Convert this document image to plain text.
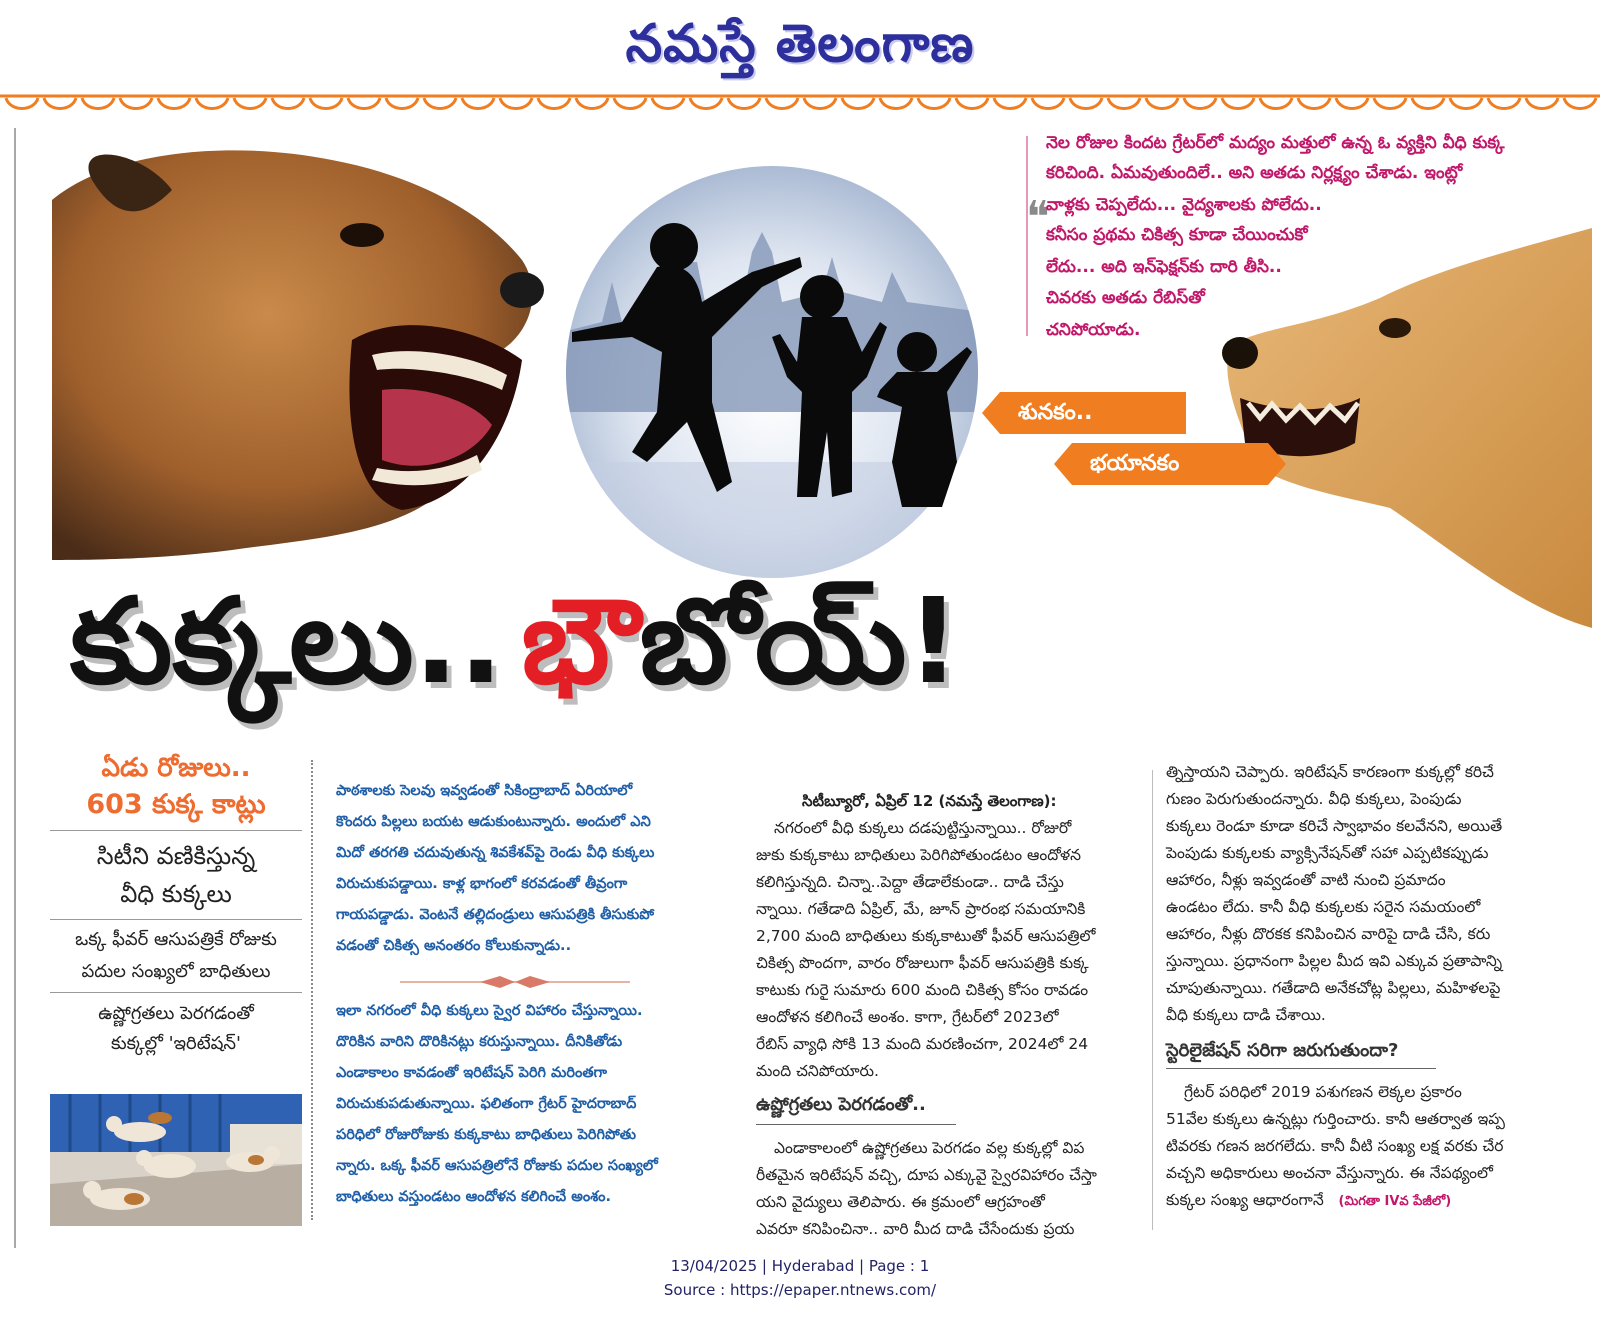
నమస్తే తెలంగాణ
❝
నెల రోజుల కిందట గ్రేటర్‌లో మద్యం మత్తులో ఉన్న ఓ వ్యక్తిని వీధి కుక్క
కరిచింది. ఏమవుతుందిలే.. అని అతడు నిర్లక్ష్యం చేశాడు. ఇంట్లో
వాళ్లకు చెప్పలేదు... వైద్యశాలకు పోలేదు..
కనీసం ప్రథమ చికిత్స కూడా చేయించుకో
లేదు... అది ఇన్‌ఫెక్షన్‌కు దారి తీసి..
చివరకు అతడు రేబిస్‌తో
చనిపోయాడు.
శునకం..
భయానకం
కుక్కలు.. భౌబోయ్!
ఏడు రోజులు..
603 కుక్క కాట్లు
సిటీని వణికిస్తున్న
వీధి కుక్కలు
ఒక్క ఫీవర్ ఆసుపత్రికే రోజుకు
పదుల సంఖ్యలో బాధితులు
ఉష్ణోగ్రతలు పెరగడంతో
కుక్కల్లో 'ఇరిటేషన్'

పాఠశాలకు సెలవు ఇవ్వడంతో సికింద్రాబాద్ ఏరియాలో

కొందరు పిల్లలు బయట ఆడుకుంటున్నారు. అందులో ఎని

మిదో తరగతి చదువుతున్న శివకేశవ్‌పై రెండు వీధి కుక్కలు

విరుచుకుపడ్డాయి. కాళ్ల భాగంలో కరవడంతో తీవ్రంగా

గాయపడ్డాడు. వెంటనే తల్లిదండ్రులు ఆసుపత్రికి తీసుకుపో

వడంతో చికిత్స అనంతరం కోలుకున్నాడు..

ఇలా నగరంలో వీధి కుక్కలు స్వైర విహారం చేస్తున్నాయి.

దొరికిన వారిని దొరికినట్లు కరుస్తున్నాయి. దీనికితోడు

ఎండాకాలం కావడంతో ఇరిటేషన్ పెరిగి మరింతగా

విరుచుకుపడుతున్నాయి. ఫలితంగా గ్రేటర్ హైదరాబాద్

పరిధిలో రోజురోజుకు కుక్కకాటు బాధితులు పెరిగిపోతు

న్నారు. ఒక్క ఫీవర్ ఆసుపత్రిలోనే రోజుకు పదుల సంఖ్యలో

బాధితులు వస్తుండటం ఆందోళన కలిగించే అంశం.

సిటీబ్యూరో, ఏప్రిల్ 12 (నమస్తే తెలంగాణ):

నగరంలో వీధి కుక్కలు దడపుట్టిస్తున్నాయి.. రోజురో

జుకు కుక్కకాటు బాధితులు పెరిగిపోతుండటం ఆందోళన

కలిగిస్తున్నది. చిన్నా..పెద్దా తేడాలేకుండా.. దాడి చేస్తు

న్నాయి. గతేడాది ఏప్రిల్, మే, జూన్ ప్రారంభ సమయానికి

2,700 మంది బాధితులు కుక్కకాటుతో ఫీవర్ ఆసుపత్రిలో

చికిత్స పొందగా, వారం రోజులుగా ఫీవర్ ఆసుపత్రికి కుక్క

కాటుకు గురై సుమారు 600 మంది చికిత్స కోసం రావడం

ఆందోళన కలిగించే అంశం. కాగా, గ్రేటర్‌లో 2023లో

రేబిస్ వ్యాధి సోకి 13 మంది మరణించగా, 2024లో 24

మంది చనిపోయారు.

ఉష్ణోగ్రతలు పెరగడంతో..

ఎండాకాలంలో ఉష్ణోగ్రతలు పెరగడం వల్ల కుక్కల్లో విప

రీతమైన ఇరిటేషన్ వచ్చి, దూప ఎక్కువై స్వైరవిహారం చేస్తా

యని వైద్యులు తెలిపారు. ఈ క్రమంలో ఆగ్రహంతో

ఎవరూ కనిపించినా.. వారి మీద దాడి చేసేందుకు ప్రయ

త్నిస్తాయని చెప్పారు. ఇరిటేషన్ కారణంగా కుక్కల్లో కరిచే

గుణం పెరుగుతుందన్నారు. వీధి కుక్కలు, పెంపుడు

కుక్కలు రెండూ కూడా కరిచే స్వాభావం కలవేనని, అయితే

పెంపుడు కుక్కలకు వ్యాక్సినేషన్‌తో సహా ఎప్పటికప్పుడు

ఆహారం, నీళ్లు ఇవ్వడంతో వాటి నుంచి ప్రమాదం

ఉండటం లేదు. కానీ వీధి కుక్కలకు సరైన సమయంలో

ఆహారం, నీళ్లు దొరకక కనిపించిన వారిపై దాడి చేసి, కరు

స్తున్నాయి. ప్రధానంగా పిల్లల మీద ఇవి ఎక్కువ ప్రతాపాన్ని

చూపుతున్నాయి. గతేడాది అనేకచోట్ల పిల్లలు, మహిళలపై

వీధి కుక్కలు దాడి చేశాయి.

స్టెరిలైజేషన్ సరిగా జరుగుతుందా?

గ్రేటర్ పరిధిలో 2019 పశుగణన లెక్కల ప్రకారం

51వేల కుక్కలు ఉన్నట్లు గుర్తించారు. కానీ ఆతర్వాత ఇప్ప

టివరకు గణన జరగలేదు. కానీ వీటి సంఖ్య లక్ష వరకు చేర

వచ్చని అధికారులు అంచనా వేస్తున్నారు. ఈ నేపథ్యంలో

కుక్కల సంఖ్య ఆధారంగానే (మిగతా IVవ పేజీలో)

13/04/2025 | Hyderabad | Page : 1
Source : https://epaper.ntnews.com/
